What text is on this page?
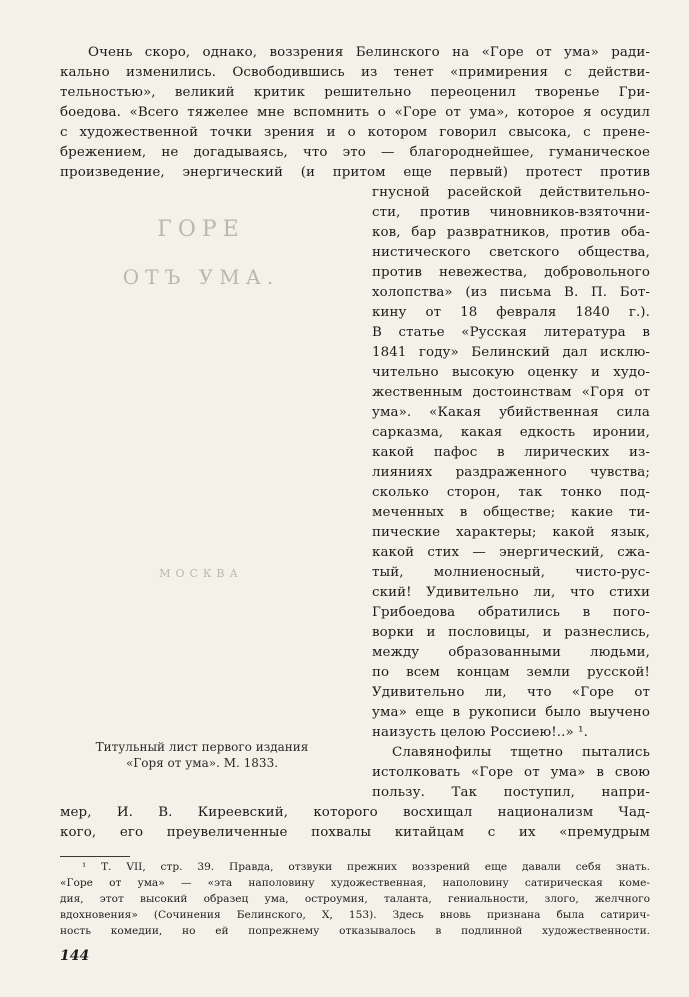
Очень скоро, однако, воззрения Белинского на «Горе от ума» ради-
кально изменились. Освободившись из тенет «примирения с действи-
тельностью», великий критик решительно переоценил творенье Гри-
боедова. «Всего тяжелее мне вспомнить о «Горе от ума», которое я осудил
с художественной точки зрения и о котором говорил свысока, с прене-
брежением, не догадываясь, что это — благороднейшее, гуманическое
произведение, энергический (и притом еще первый) протест против
ГОРЕ
ОТЪ УМА.
МОСКВА
гнусной расейской действительно-
сти, против чиновников-взяточни-
ков, бар развратников, против оба-
нистического светского общества,
против невежества, добровольного
холопства» (из письма В. П. Бот-
кину от 18 февраля 1840 г.).
В статье «Русская литература в
1841 году» Белинский дал исклю-
чительно высокую оценку и худо-
жественным достоинствам «Горя от
ума». «Какая убийственная сила
сарказма, какая едкость иронии,
какой пафос в лирических из-
лияниях раздраженного чувства;
сколько сторон, так тонко под-
меченных в обществе; какие ти-
пические характеры; какой язык,
какой стих — энергический, сжа-
тый, молниеносный, чисто-рус-
ский! Удивительно ли, что стихи
Грибоедова обратились в пого-
ворки и пословицы, и разнеслись,
между образованными людьми,
по всем концам земли русской!
Удивительно ли, что «Горе от
ума» еще в рукописи было выучено
наизусть целою Россиею!..» ¹.
Славянофилы тщетно пытались
Титульный лист первого издания
«Горя от ума». М. 1833.
истолковать «Горе от ума» в свою
пользу. Так поступил, напри-
мер, И. В. Киреевский, которого восхищал национализм Чад-
кого, его преувеличенные похвалы китайцам с их «премудрым
¹ Т. VII, стр. 39. Правда, отзвуки прежних воззрений еще давали себя знать.
«Горе от ума» — «эта наполовину художественная, наполовину сатирическая коме-
дия, этот высокий образец ума, остроумия, таланта, гениальности, злого, желчного
вдохновения» (Сочинения Белинского, X, 153). Здесь вновь признана была сатирич-
ность комедии, но ей попрежнему отказывалось в подлинной художественности.
144
